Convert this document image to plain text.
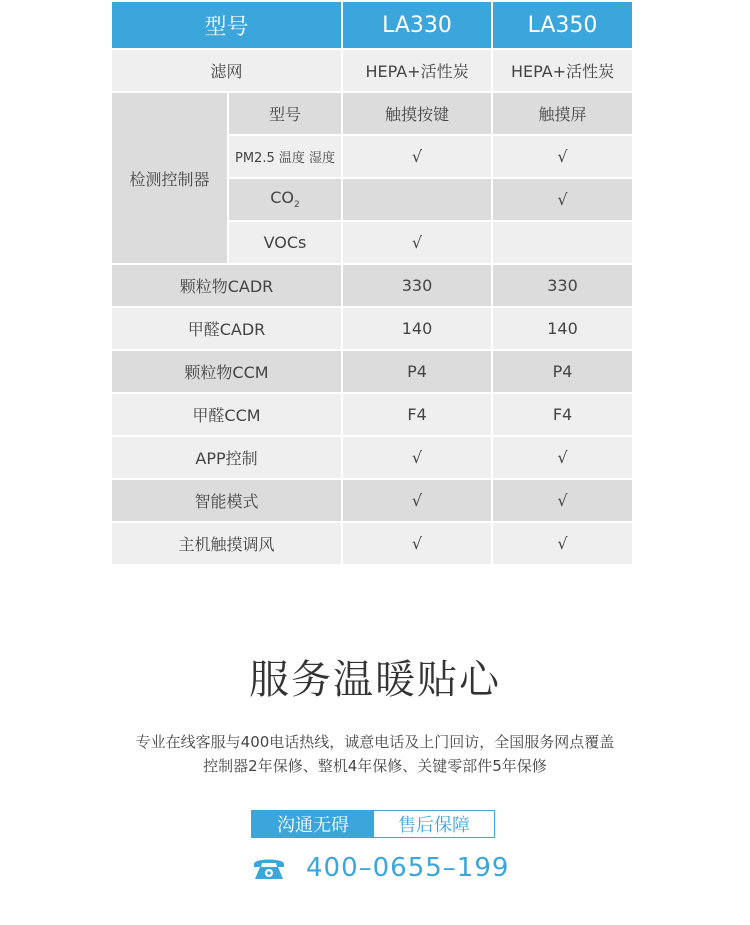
型号		LA330	LA350
滤网		HEPA+活性炭	HEPA+活性炭
检测控制器	型号	触摸按键	触摸屏
	PM2.5 温度 湿度	√	√
	$CO_2$		√
	VOCs	√	
颗粒物CADR		330	330
甲醛CADR		140	140
颗粒物CCM		P4	P4
甲醛CCM		F4	F4
APP控制		√	√
智能模式		√	√
主机触摸调风		√	√
服务温暖贴心
专业在线客服与400电话热线，诚意电话及上门回访，全国服务网点覆盖
控制器2年保修、整机4年保修、关键零部件5年保修
沟通无碍	售后保障
400–0655–199
